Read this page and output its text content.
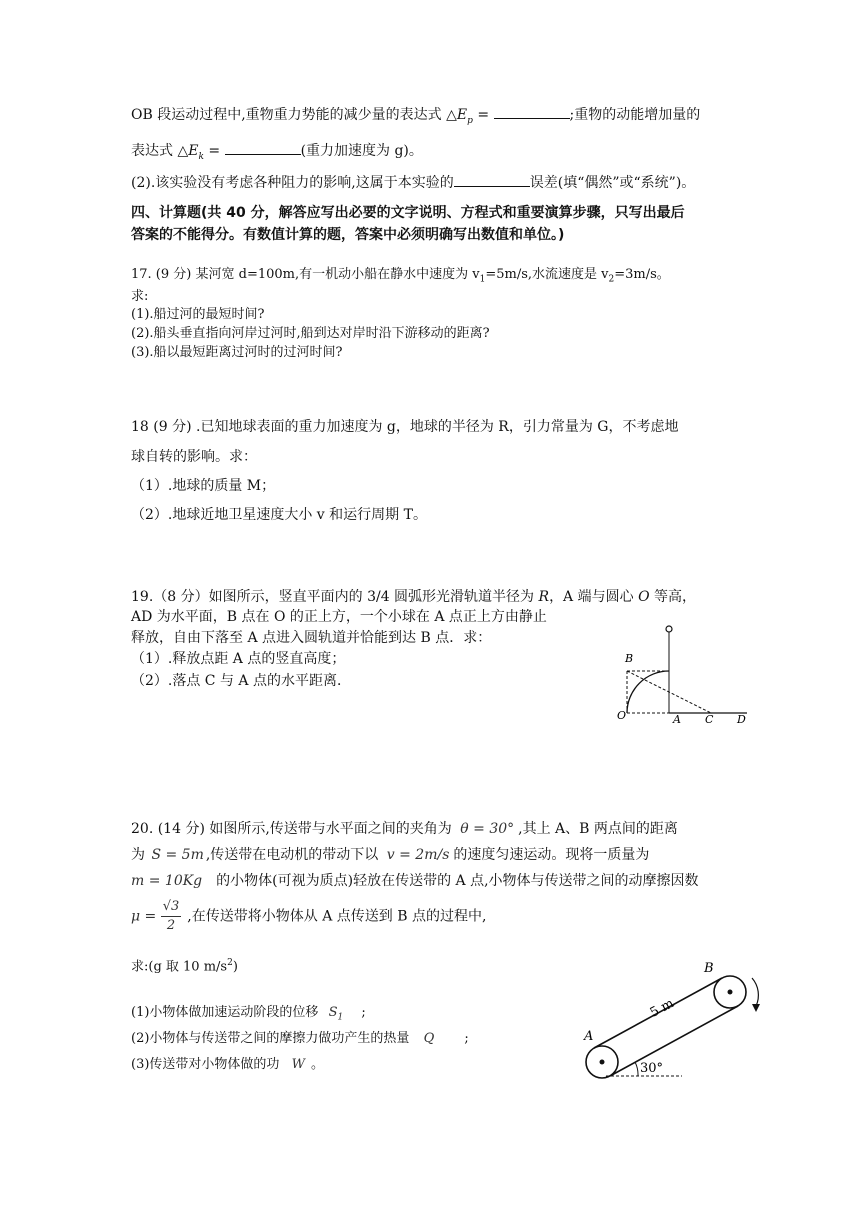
OB 段运动过程中,重物重力势能的减少量的表达式 $\triangle E_p$ =	;重物的动能增加量的
表达式 $\triangle E_k$ =	(重力加速度为 g)。
(2).该实验没有考虑各种阻力的影响,这属于本实验的	误差(填“偶然”或“系统”)。
四、计算题(共 40 分，解答应写出必要的文字说明、方程式和重要演算步骤，只写出最后
答案的不能得分。有数值计算的题，答案中必须明确写出数值和单位。)
17. (9 分) 某河宽 d=100m,有一机动小船在静水中速度为 $v_1=5m/s$,水流速度是 $v_2=3m/s$。
求:
(1).船过河的最短时间?
(2).船头垂直指向河岸过河时,船到达对岸时沿下游移动的距离?
(3).船以最短距离过河时的过河时间?
18 (9 分) .已知地球表面的重力加速度为 g，地球的半径为 R，引力常量为 G，不考虑地
球自转的影响。求：
（1）.地球的质量 M；
（2）.地球近地卫星速度大小 v 和运行周期 T。
19.（8 分）如图所示，竖直平面内的 3/4 圆弧形光滑轨道半径为 R，A 端与圆心 O 等高，
AD 为水平面，B 点在 O 的正上方，一个小球在 A 点正上方由静止
释放，自由下落至 A 点进入圆轨道并恰能到达 B 点．求：
（1）.释放点距 A 点的竖直高度；
（2）.落点 C 与 A 点的水平距离．
B
O	A C D
20. (14 分) 如图所示,传送带与水平面之间的夹角为 θ = 30° ,其上 A、B 两点间的距离
为 S = 5m ,传送带在电动机的带动下以 v = 2m/s 的速度匀速运动。现将一质量为
m = 10Kg 的小物体(可视为质点)轻放在传送带的 A 点,小物体与传送带之间的动摩擦因数
$\mu = \frac{√3}{2}$ ,在传送带将小物体从 A 点传送到 B 点的过程中,
求:(g 取 10 $m/s^2$)
(1)小物体做加速运动阶段的位移 $S_1$ ;
(2)小物体与传送带之间的摩擦力做功产生的热量 Q ;
(3)传送带对小物体做的功 W 。
5 m
30°
A
B
